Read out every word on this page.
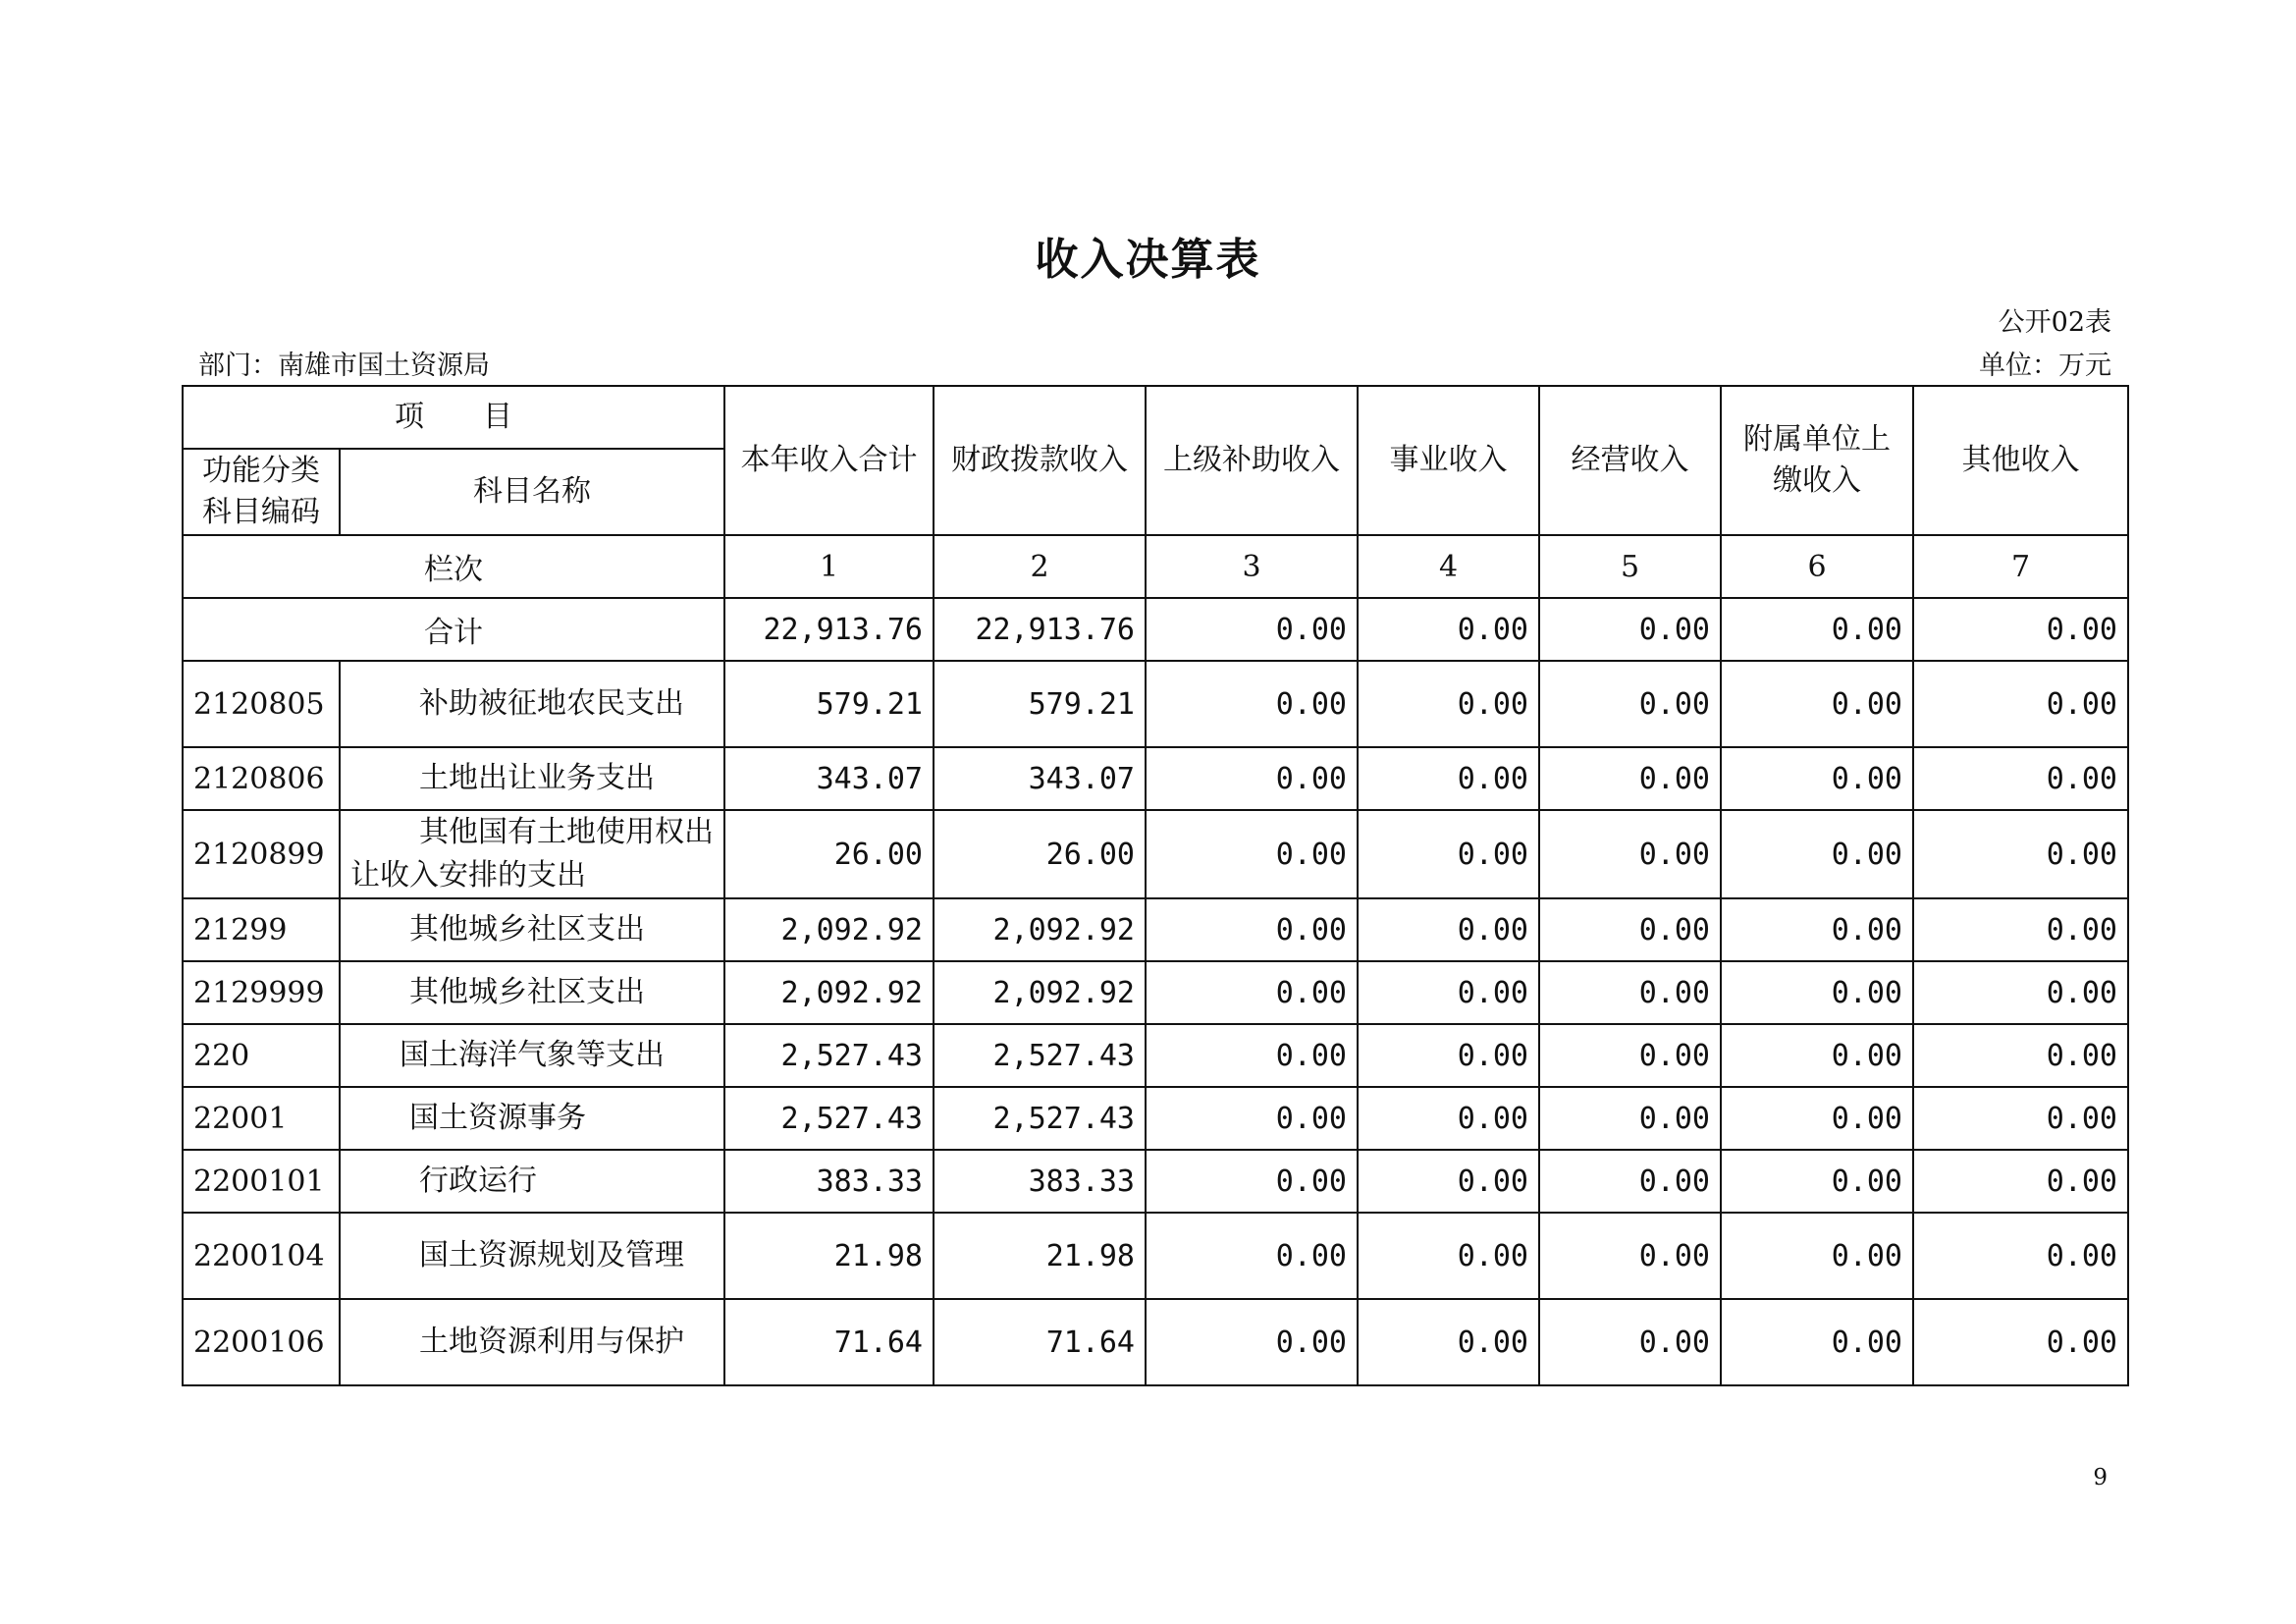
收入决算表
公开02表
部门：南雄市国土资源局	单位：万元
项　　目		本年收入合计	财政拨款收入	上级补助收入	事业收入	经营收入	附属单位上缴收入	其他收入
功能分类科目编码	科目名称							
栏次		1	2	3	4	5	6	7
合计		22,913.76	22,913.76	0.00	0.00	0.00	0.00	0.00
2120805	补助被征地农民支出	579.21	579.21	0.00	0.00	0.00	0.00	0.00
2120806	土地出让业务支出	343.07	343.07	0.00	0.00	0.00	0.00	0.00
2120899	其他国有土地使用权出让收入安排的支出	26.00	26.00	0.00	0.00	0.00	0.00	0.00
21299	其他城乡社区支出	2,092.92	2,092.92	0.00	0.00	0.00	0.00	0.00
2129999	其他城乡社区支出	2,092.92	2,092.92	0.00	0.00	0.00	0.00	0.00
220	国土海洋气象等支出	2,527.43	2,527.43	0.00	0.00	0.00	0.00	0.00
22001	国土资源事务	2,527.43	2,527.43	0.00	0.00	0.00	0.00	0.00
2200101	行政运行	383.33	383.33	0.00	0.00	0.00	0.00	0.00
2200104	国土资源规划及管理	21.98	21.98	0.00	0.00	0.00	0.00	0.00
2200106	土地资源利用与保护	71.64	71.64	0.00	0.00	0.00	0.00	0.00
9
